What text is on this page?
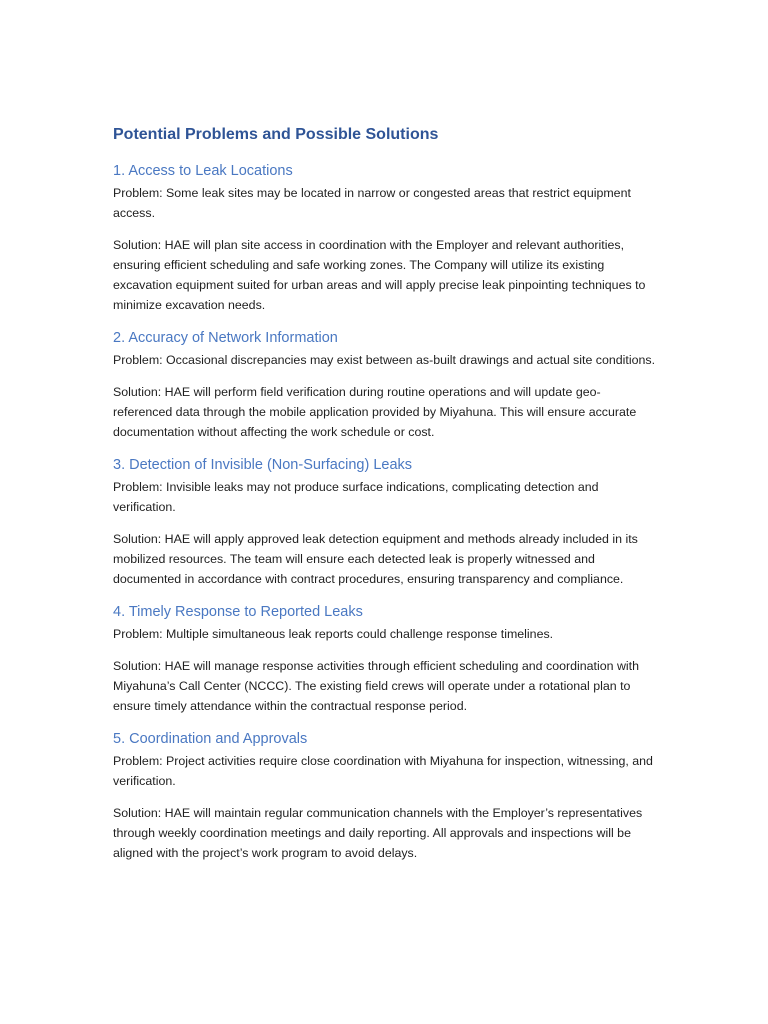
Potential Problems and Possible Solutions
1. Access to Leak Locations

Problem: Some leak sites may be located in narrow or congested areas that restrict equipment access.

Solution: HAE will plan site access in coordination with the Employer and relevant authorities, ensuring efficient scheduling and safe working zones. The Company will utilize its existing excavation equipment suited for urban areas and will apply precise leak pinpointing techniques to minimize excavation needs.

2. Accuracy of Network Information

Problem: Occasional discrepancies may exist between as-built drawings and actual site conditions.

Solution: HAE will perform field verification during routine operations and will update geo-referenced data through the mobile application provided by Miyahuna. This will ensure accurate documentation without affecting the work schedule or cost.

3. Detection of Invisible (Non-Surfacing) Leaks

Problem: Invisible leaks may not produce surface indications, complicating detection and verification.

Solution: HAE will apply approved leak detection equipment and methods already included in its mobilized resources. The team will ensure each detected leak is properly witnessed and documented in accordance with contract procedures, ensuring transparency and compliance.

4. Timely Response to Reported Leaks

Problem: Multiple simultaneous leak reports could challenge response timelines.

Solution: HAE will manage response activities through efficient scheduling and coordination with Miyahuna’s Call Center (NCCC). The existing field crews will operate under a rotational plan to ensure timely attendance within the contractual response period.

5. Coordination and Approvals

Problem: Project activities require close coordination with Miyahuna for inspection, witnessing, and verification.

Solution: HAE will maintain regular communication channels with the Employer’s representatives through weekly coordination meetings and daily reporting. All approvals and inspections will be aligned with the project’s work program to avoid delays.
